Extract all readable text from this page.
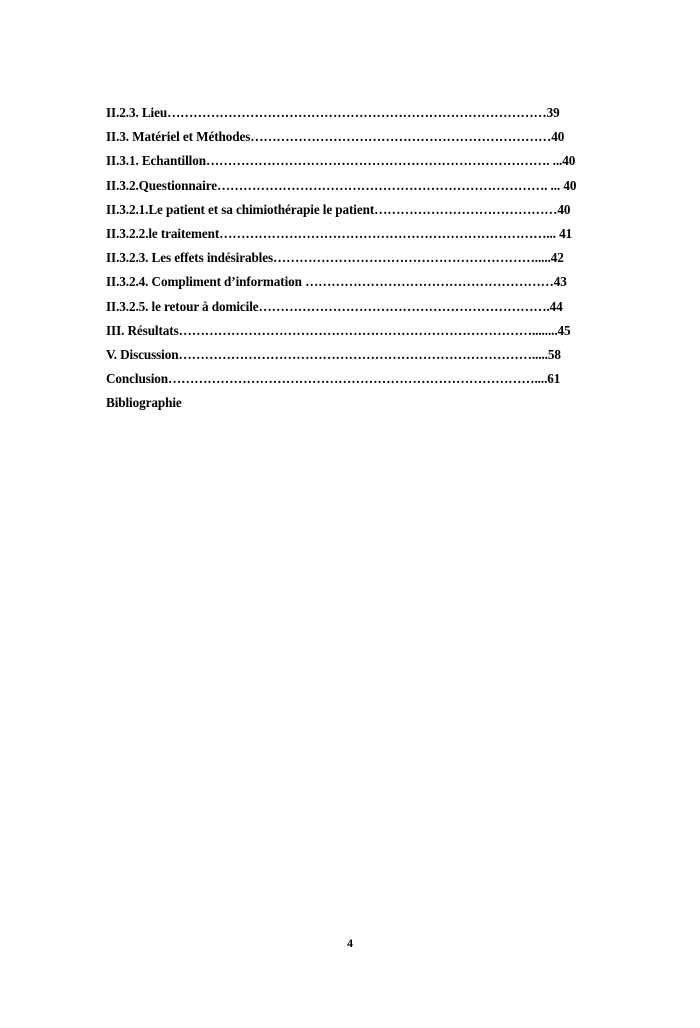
II.2.3. Lieu……………………………………………………………………………39
II.3. Matériel et Méthodes……………………………………………………………40
II.3.1. Echantillon……………………………………………………………………. ...40
II.3.2.Questionnaire…………………………………………………………………. ... 40
II.3.2.1.Le patient et sa chimiothérapie le patient……………………………………40
II.3.2.2.le traitement…………………………………………………………………... 41
II.3.2.3. Les effets indésirables…………………………………………………….....42
II.3.2.4. Compliment d’information …………………………………………………43
II.3.2.5. le retour à domicile………………………………………………………….44
III. Résultats………………………………………………………………………........45
V. Discussion……………………………………………………………………….....58
Conclusion…………………………………………………………………………....61
Bibliographie
4
